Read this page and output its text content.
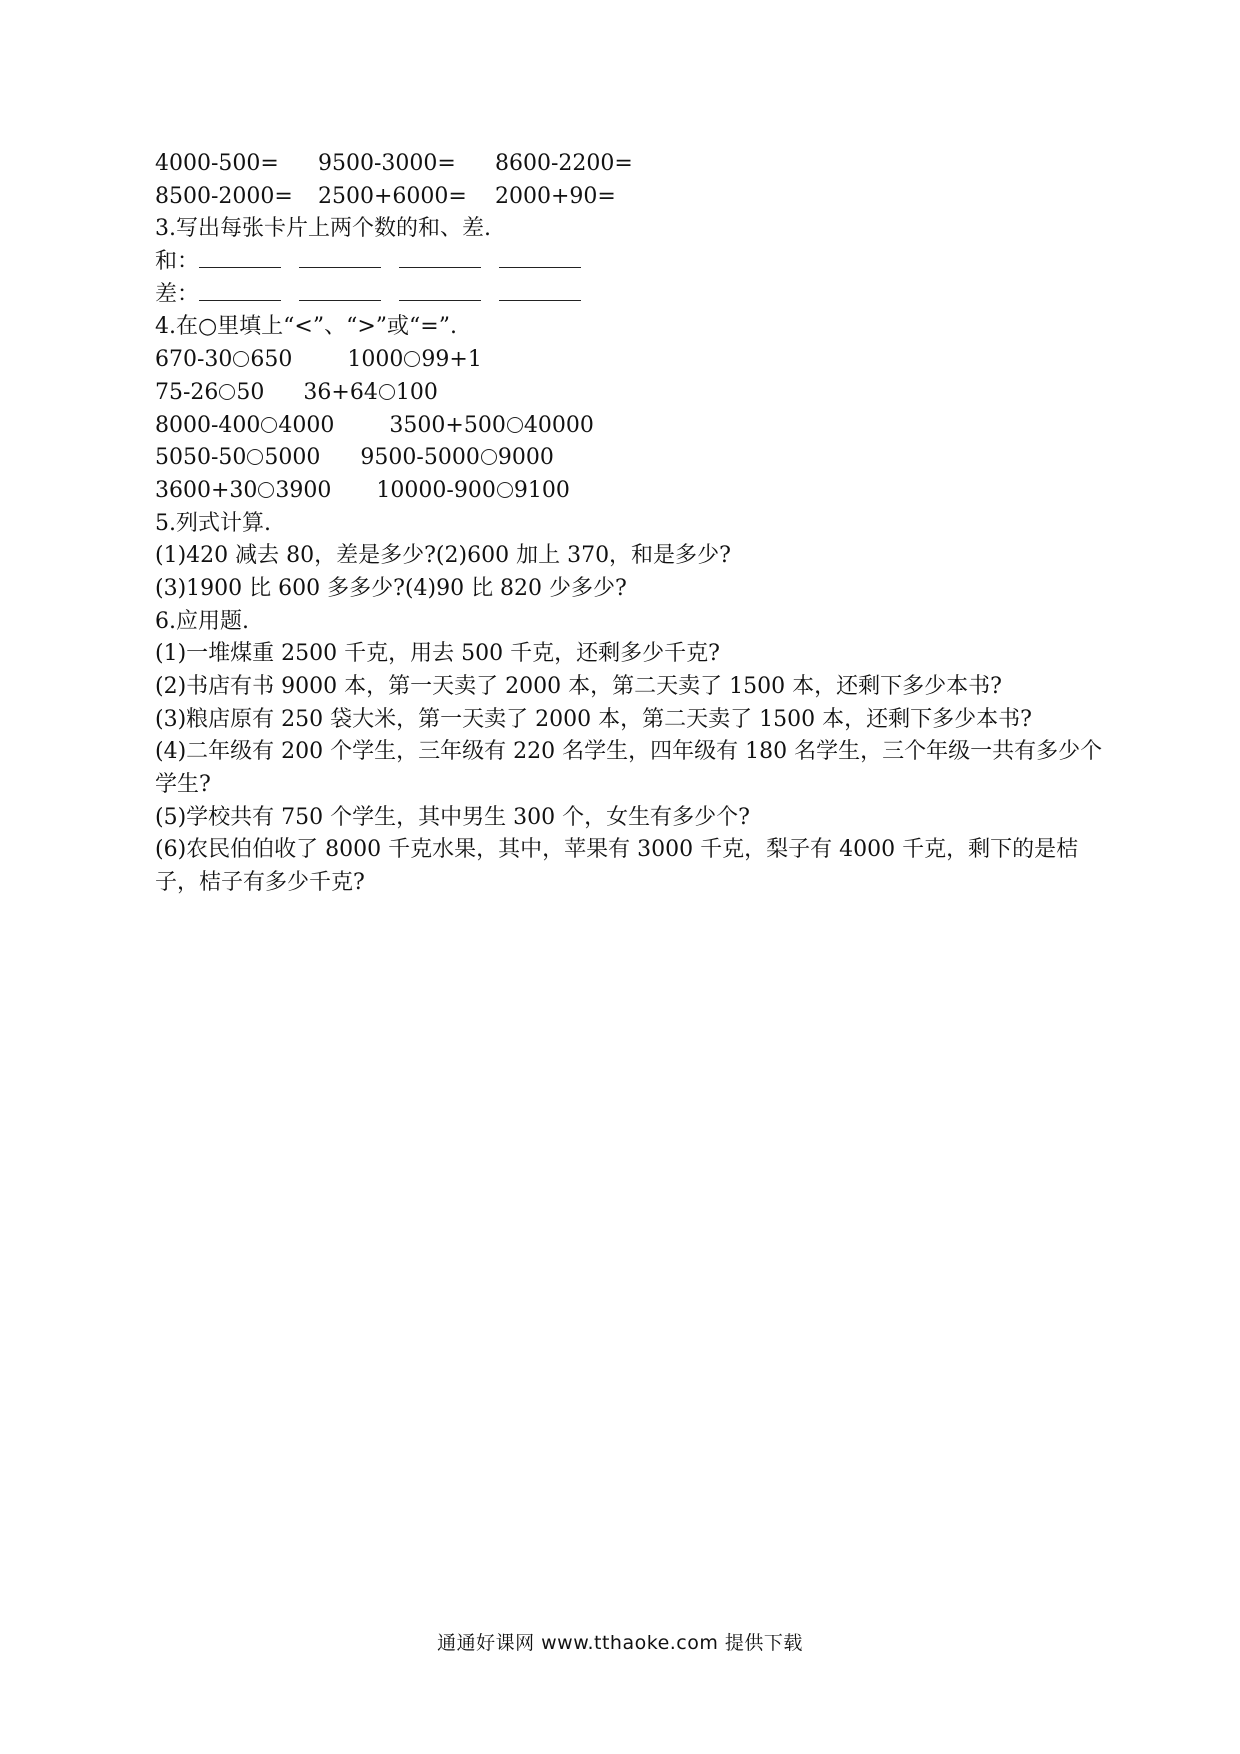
4000-500= 9500-3000= 8600-2200=
8500-2000= 2500+6000= 2000+90=
3.写出每张卡片上两个数的和、差.
和：
差：
4.在○里填上“<”、“>”或“=”.
670-30 650	1000 99+1
75-26 50 36+64 100
8000-400 4000	3500+500 40000
5050-50 5000 9500-5000 9000
3600+30 3900 10000-900 9100
5.列式计算.
(1)420 减去 80，差是多少?(2)600 加上 370，和是多少?
(3)1900 比 600 多多少?(4)90 比 820 少多少?
6.应用题.
(1)一堆煤重 2500 千克，用去 500 千克，还剩多少千克?
(2)书店有书 9000 本，第一天卖了 2000 本，第二天卖了 1500 本，还剩下多少本书?
(3)粮店原有 250 袋大米，第一天卖了 2000 本，第二天卖了 1500 本，还剩下多少本书?
(4)二年级有 200 个学生，三年级有 220 名学生，四年级有 180 名学生，三个年级一共有多少个学生?
(5)学校共有 750 个学生，其中男生 300 个，女生有多少个?
(6)农民伯伯收了 8000 千克水果，其中，苹果有 3000 千克，梨子有 4000 千克，剩下的是桔子，桔子有多少千克?
通通好课网 www.tthaoke.com 提供下载
